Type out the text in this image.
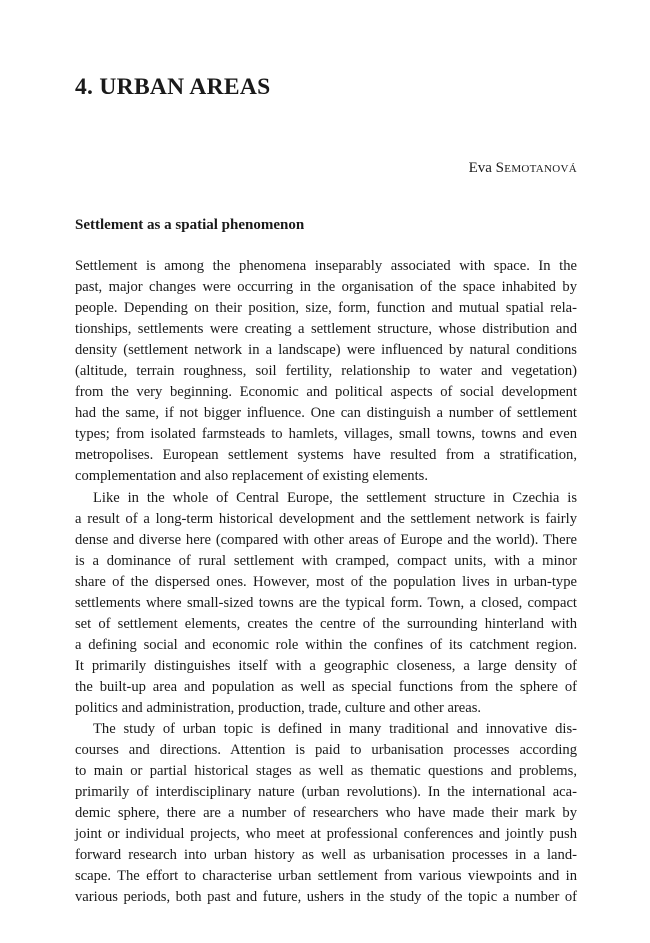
4. URBAN AREAS
Eva Semotanová
Settlement as a spatial phenomenon
Settlement is among the phenomena inseparably associated with space. In the
past, major changes were occurring in the organisation of the space inhabited by
people. Depending on their position, size, form, function and mutual spatial rela-
tionships, settlements were creating a settlement structure, whose distribution and
density (settlement network in a landscape) were influenced by natural conditions
(altitude, terrain roughness, soil fertility, relationship to water and vegetation)
from the very beginning. Economic and political aspects of social development
had the same, if not bigger influence. One can distinguish a number of settlement
types; from isolated farmsteads to hamlets, villages, small towns, towns and even
metropolises. European settlement systems have resulted from a stratification,
complementation and also replacement of existing elements.
Like in the whole of Central Europe, the settlement structure in Czechia is
a result of a long-term historical development and the settlement network is fairly
dense and diverse here (compared with other areas of Europe and the world). There
is a dominance of rural settlement with cramped, compact units, with a minor
share of the dispersed ones. However, most of the population lives in urban-type
settlements where small-sized towns are the typical form. Town, a closed, compact
set of settlement elements, creates the centre of the surrounding hinterland with
a defining social and economic role within the confines of its catchment region.
It primarily distinguishes itself with a geographic closeness, a large density of
the built-up area and population as well as special functions from the sphere of
politics and administration, production, trade, culture and other areas.
The study of urban topic is defined in many traditional and innovative dis-
courses and directions. Attention is paid to urbanisation processes according
to main or partial historical stages as well as thematic questions and problems,
primarily of interdisciplinary nature (urban revolutions). In the international aca-
demic sphere, there are a number of researchers who have made their mark by
joint or individual projects, who meet at professional conferences and jointly push
forward research into urban history as well as urbanisation processes in a land-
scape. The effort to characterise urban settlement from various viewpoints and in
various periods, both past and future, ushers in the study of the topic a number of
